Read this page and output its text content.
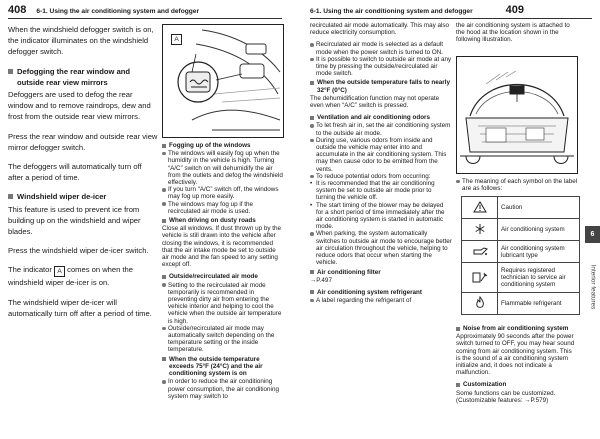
408 6-1. Using the air conditioning system and defogger	6-1. Using the air conditioning system and defogger	409

When the windshield defogger switch is on, the indicator illuminates on the windshield defogger switch.

Defogging the rear window and outside rear view mirrors

Defoggers are used to defog the rear window and to remove raindrops, dew and frost from the outside rear view mirrors.

Press the rear window and outside rear view mirror defogger switch.

The defoggers will automatically turn off after a period of time.

Windshield wiper de-icer

This feature is used to prevent ice from building up on the windshield and wiper blades.

Press the windshield wiper de-icer switch.

The indicator A comes on when the windshield wiper de-icer is on.

The windshield wiper de-icer will automatically turn off after a period of time.

A
Fogging up of the windows

The windows will easily fog up when the humidity in the vehicle is high. Turning “A/C” switch on will dehumidify the air from the outlets and defog the windshield effectively.

If you turn “A/C” switch off, the windows may fog up more easily.

The windows may fog up if the recirculated air mode is used.

When driving on dusty roads

Close all windows. If dust thrown up by the vehicle is still drawn into the vehicle after closing the windows, it is recommended that the air intake mode be set to outside air mode and the fan speed to any setting except off.

Outside/recirculated air mode

Setting to the recirculated air mode temporarily is recommended in preventing dirty air from entering the vehicle interior and helping to cool the vehicle when the outside air temperature is high.

Outside/recirculated air mode may automatically switch depending on the temperature setting or the inside temperature.

When the outside temperature exceeds 75°F (24°C) and the air conditioning system is on

In order to reduce the air conditioning power consumption, the air conditioning system may switch to

recirculated air mode automatically. This may also reduce electricity consumption.

Recirculated air mode is selected as a default mode when the power switch is turned to ON.

It is possible to switch to outside air mode at any time by pressing the outside/recirculated air mode switch.

When the outside temperature falls to nearly 32°F (0°C)

The dehumidification function may not operate even when “A/C” switch is pressed.

Ventilation and air conditioning odors

To let fresh air in, set the air conditioning system to the outside air mode.

During use, various odors from inside and outside the vehicle may enter into and accumulate in the air conditioning system. This may then cause odor to be emitted from the vents.

To reduce potential odors from occurring:

• It is recommended that the air conditioning system be set to outside air mode prior to turning the vehicle off.

• The start timing of the blower may be delayed for a short period of time immediately after the air conditioning system is started in automatic mode.

When parking, the system automatically switches to outside air mode to encourage better air circulation throughout the vehicle, helping to reduce odors that occur when starting the vehicle.

Air conditioning filter

→P.497

Air conditioning system refrigerant

A label regarding the refrigerant of

the air conditioning system is attached to the hood at the location shown in the following illustration.

The meaning of each symbol on the label are as follows:

	Caution
	Air conditioning system
	Air conditioning system lubricant type
	Requires registered technician to service air conditioning system
	Flammable refrigerant
Noise from air conditioning system

Approximately 90 seconds after the power switch turned to OFF, you may hear sound coming from air conditioning system. This is the sound of a air conditioning system initialize and, it does not indicate a malfunction.

Customization

Some functions can be customized. (Customizable features: →P.579)

6
Interior features
